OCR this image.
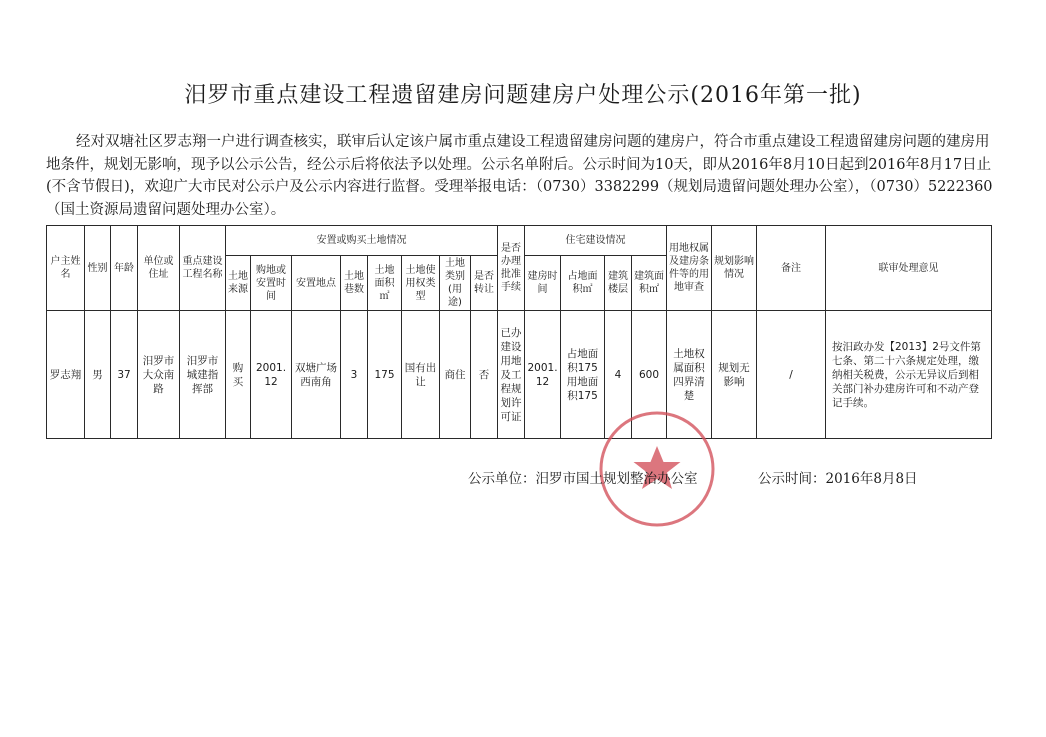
汨罗市重点建设工程遗留建房问题建房户处理公示(2016年第一批)
经对双塘社区罗志翔一户进行调查核实，联审后认定该户属市重点建设工程遗留建房问题的建房户，符合市重点建设工程遗留建房问题的建房用地条件，规划无影响，现予以公示公告，经公示后将依法予以处理。公示名单附后。公示时间为10天，即从2016年8月10日起到2016年8月17日止(不含节假日)，欢迎广大市民对公示户及公示内容进行监督。受理举报电话：（0730）3382299（规划局遗留问题处理办公室），（0730）5222360（国土资源局遗留问题处理办公室）。
户主姓名	性别	年龄	单位或住址	重点建设工程名称	安置或购买土地情况								是否办理批准手续	住宅建设情况				用地权属及建房条件等的用地审查	规划影响情况	备注	联审处理意见
					土地来源	购地或安置时间	安置地点	土地巷数	土地面积㎡	土地使用权类型	土地类别(用途)	是否转让		建房时间	占地面积㎡	建筑楼层	建筑面积㎡				
罗志翔	男	37	汨罗市大众南路	汨罗市城建指挥部	购买	2001.12	双塘广场西南角	3	175	国有出让	商住	否	已办建设用地及工程规划许可证	2001.12	占地面积175用地面积175	4	600	土地权属面积四界清楚	规划无影响	/	按汨政办发【2013】2号文件第七条、第二十六条规定处理，缴纳相关税费，公示无异议后到相关部门补办建房许可和不动产登记手续。
公示单位：汨罗市国土规划整治办公室	公示时间：2016年8月8日
